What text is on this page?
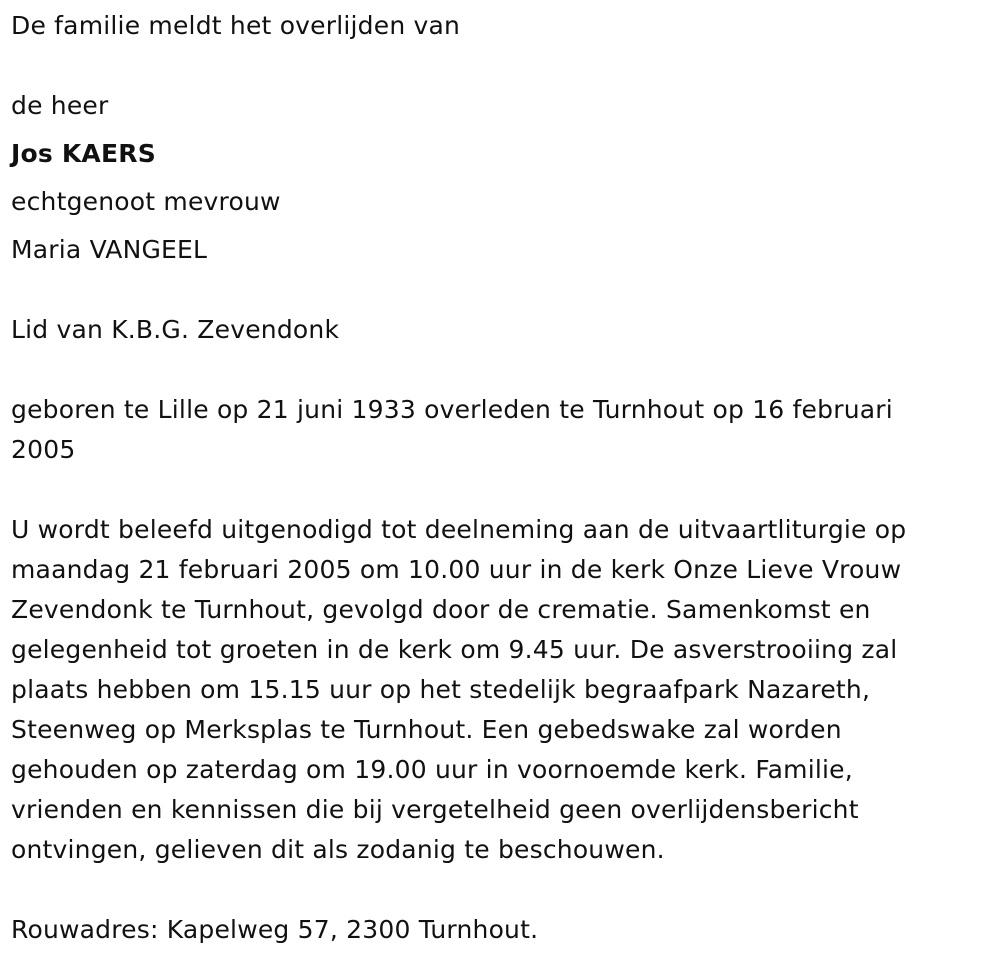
De familie meldt het overlijden van
de heer
Jos KAERS
echtgenoot mevrouw
Maria VANGEEL
Lid van K.B.G. Zevendonk
geboren te Lille op 21 juni 1933 overleden te Turnhout op 16 februari
2005
U wordt beleefd uitgenodigd tot deelneming aan de uitvaartliturgie op
maandag 21 februari 2005 om 10.00 uur in de kerk Onze Lieve Vrouw
Zevendonk te Turnhout, gevolgd door de crematie. Samenkomst en
gelegenheid tot groeten in de kerk om 9.45 uur. De asverstrooiing zal
plaats hebben om 15.15 uur op het stedelijk begraafpark Nazareth,
Steenweg op Merksplas te Turnhout. Een gebedswake zal worden
gehouden op zaterdag om 19.00 uur in voornoemde kerk. Familie,
vrienden en kennissen die bij vergetelheid geen overlijdensbericht
ontvingen, gelieven dit als zodanig te beschouwen.
Rouwadres: Kapelweg 57, 2300 Turnhout.
